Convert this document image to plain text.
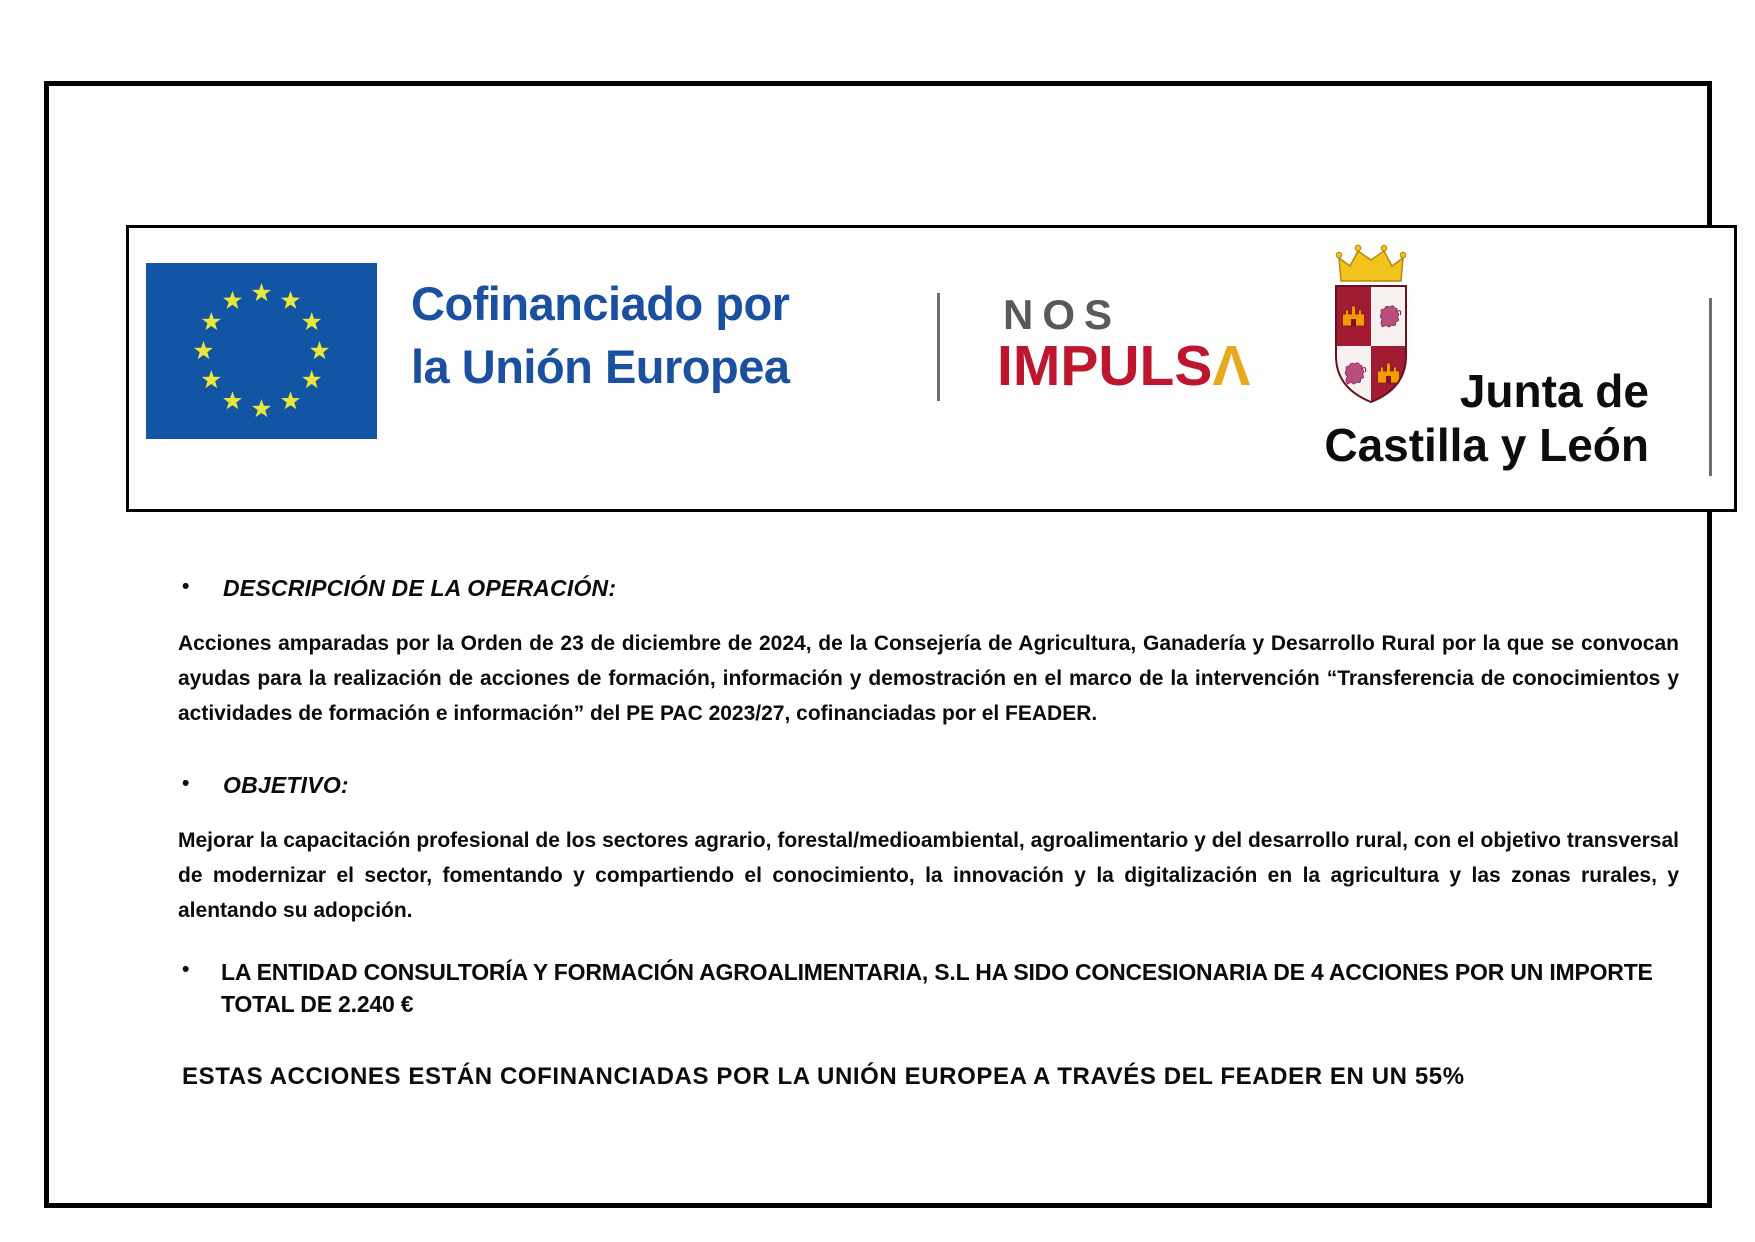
Cofinanciado por
la Unión Europea
NOS
IMPULSΛ	Junta de
Castilla y León
• DESCRIPCIÓN DE LA OPERACIÓN:
Acciones amparadas por la Orden de 23 de diciembre de 2024, de la Consejería de Agricultura, Ganadería y Desarrollo Rural por la que se convocan ayudas para la realización de acciones de formación, información y demostración en el marco de la intervención “Transferencia de conocimientos y actividades de formación e información” del PE PAC 2023/27, cofinanciadas por el FEADER.
• OBJETIVO:
Mejorar la capacitación profesional de los sectores agrario, forestal/medioambiental, agroalimentario y del desarrollo rural, con el objetivo transversal de modernizar el sector, fomentando y compartiendo el conocimiento, la innovación y la digitalización en la agricultura y las zonas rurales, y alentando su adopción.
• LA ENTIDAD CONSULTORÍA Y FORMACIÓN AGROALIMENTARIA, S.L HA SIDO CONCESIONARIA DE 4 ACCIONES POR UN IMPORTE TOTAL DE 2.240 €
ESTAS ACCIONES ESTÁN COFINANCIADAS POR LA UNIÓN EUROPEA A TRAVÉS DEL FEADER EN UN 55%
